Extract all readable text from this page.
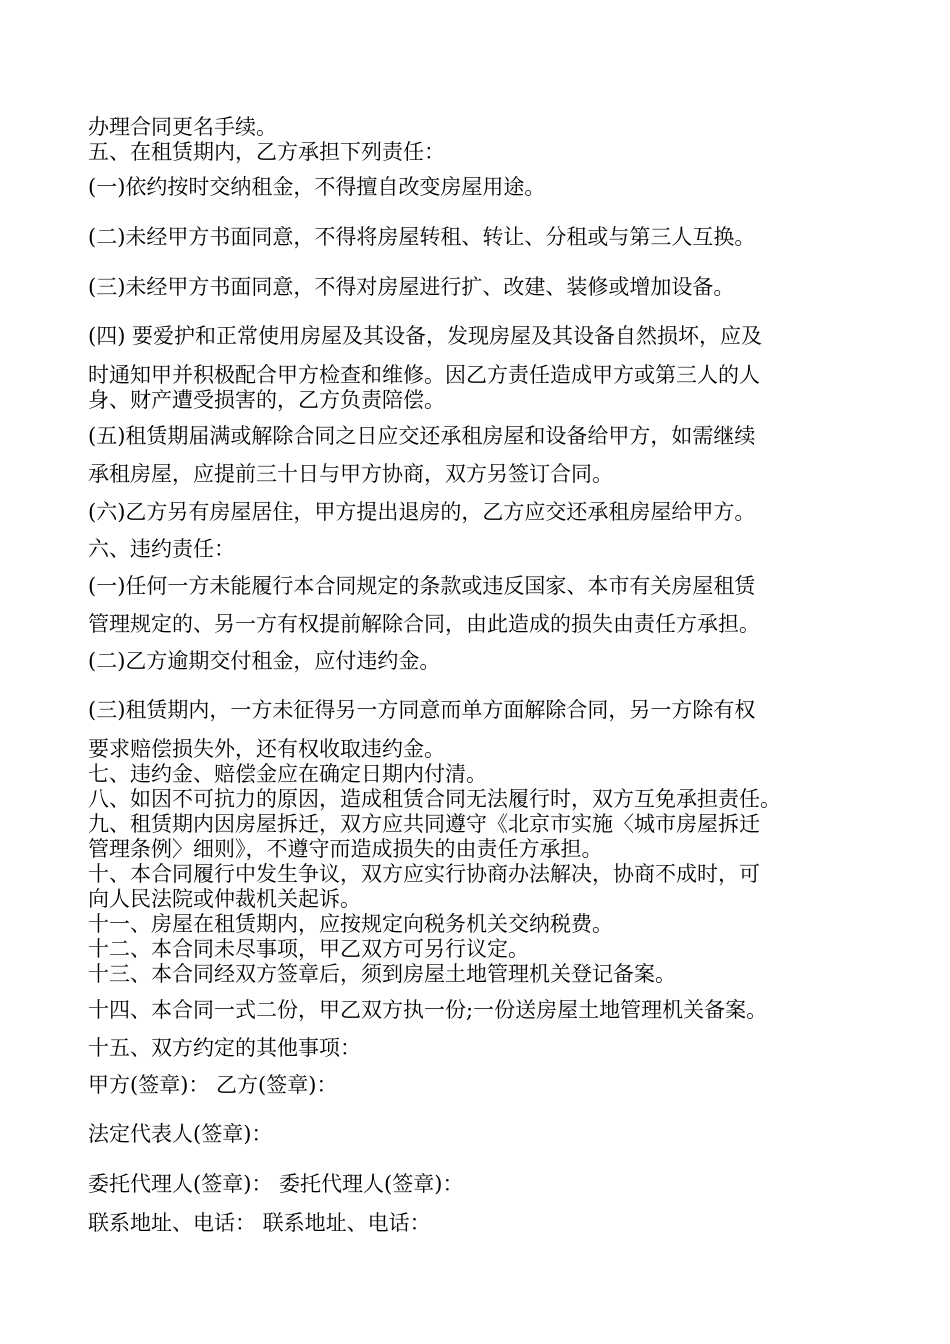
办理合同更名手续。
五、在租赁期内，乙方承担下列责任：
(一)依约按时交纳租金，不得擅自改变房屋用途。
(二)未经甲方书面同意，不得将房屋转租、转让、分租或与第三人互换。
(三)未经甲方书面同意，不得对房屋进行扩、改建、装修或增加设备。
(四) 要爱护和正常使用房屋及其设备，发现房屋及其设备自然损坏，应及
时通知甲并积极配合甲方检查和维修。因乙方责任造成甲方或第三人的人
身、财产遭受损害的，乙方负责陪偿。
(五)租赁期届满或解除合同之日应交还承租房屋和设备给甲方，如需继续
承租房屋，应提前三十日与甲方协商，双方另签订合同。
(六)乙方另有房屋居住，甲方提出退房的，乙方应交还承租房屋给甲方。
六、违约责任：
(一)任何一方未能履行本合同规定的条款或违反国家、本市有关房屋租赁
管理规定的、另一方有权提前解除合同，由此造成的损失由责任方承担。
(二)乙方逾期交付租金，应付违约金。
(三)租赁期内，一方未征得另一方同意而单方面解除合同，另一方除有权
要求赔偿损失外，还有权收取违约金。
七、违约金、赔偿金应在确定日期内付清。
八、如因不可抗力的原因，造成租赁合同无法履行时，双方互免承担责任。
九、租赁期内因房屋拆迁，双方应共同遵守《北京市实施〈城市房屋拆迁
管理条例〉细则》，不遵守而造成损失的由责任方承担。
十、本合同履行中发生争议，双方应实行协商办法解决，协商不成时，可
向人民法院或仲裁机关起诉。
十一、房屋在租赁期内，应按规定向税务机关交纳税费。
十二、本合同未尽事项，甲乙双方可另行议定。
十三、本合同经双方签章后，须到房屋土地管理机关登记备案。
十四、本合同一式二份，甲乙双方执一份;一份送房屋土地管理机关备案。
十五、双方约定的其他事项：
甲方(签章)： 乙方(签章)：
法定代表人(签章)：
委托代理人(签章)： 委托代理人(签章)：
联系地址、电话： 联系地址、电话：
